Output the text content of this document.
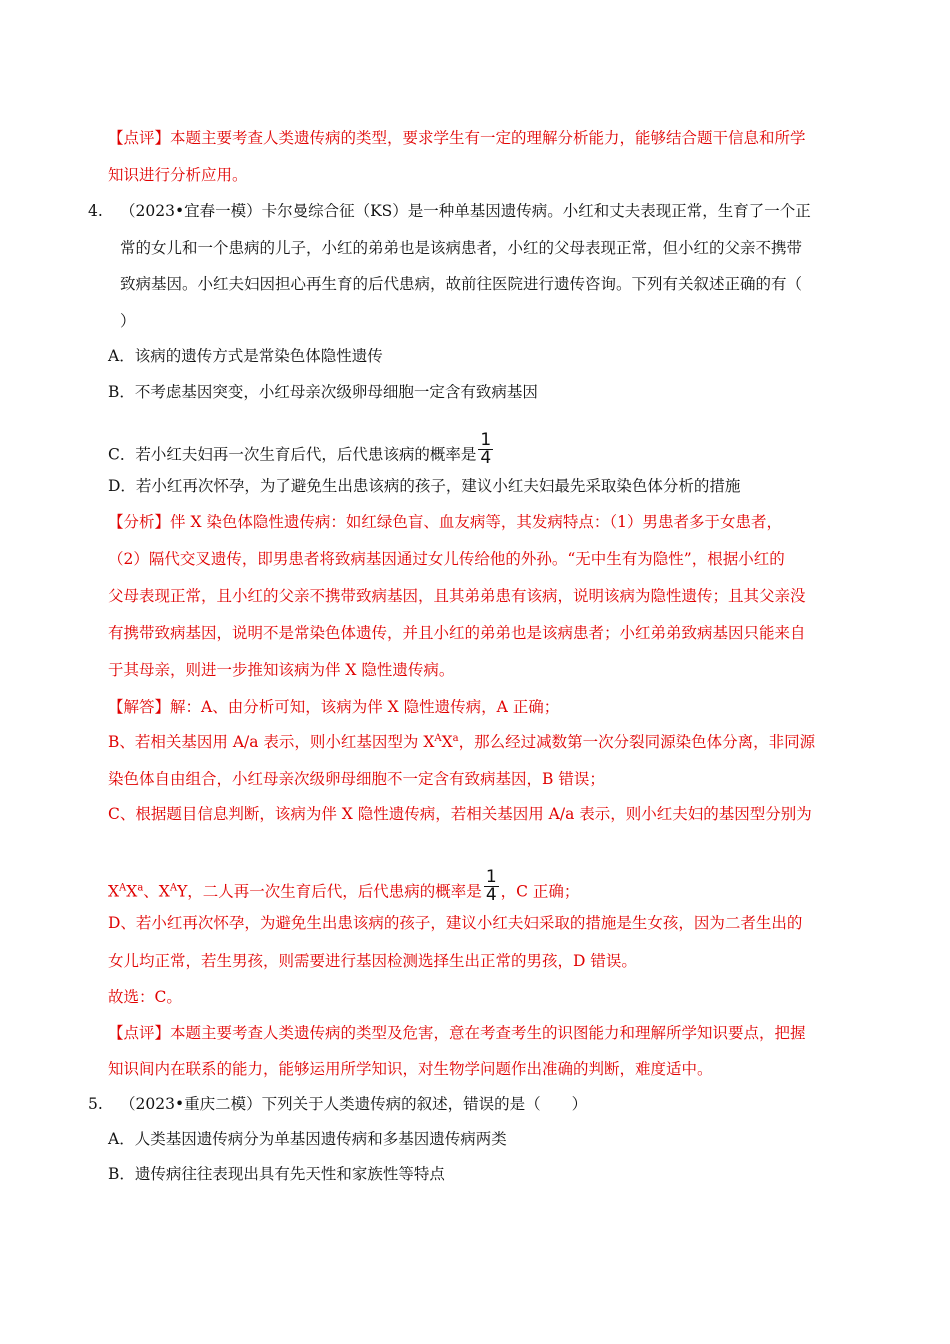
【点评】本题主要考查人类遗传病的类型，要求学生有一定的理解分析能力，能够结合题干信息和所学
知识进行分析应用。
4. （2023•宜春一模）卡尔曼综合征（KS）是一种单基因遗传病。小红和丈夫表现正常，生育了一个正
常的女儿和一个患病的儿子，小红的弟弟也是该病患者，小红的父母表现正常，但小红的父亲不携带
致病基因。小红夫妇因担心再生育的后代患病，故前往医院进行遗传咨询。下列有关叙述正确的有（
）
A．该病的遗传方式是常染色体隐性遗传
B．不考虑基因突变，小红母亲次级卵母细胞一定含有致病基因
C．若小红夫妇再一次生育后代，后代患该病的概率是 $\frac{1}{4}$
D．若小红再次怀孕，为了避免生出患该病的孩子，建议小红夫妇最先采取染色体分析的措施
【分析】伴 X 染色体隐性遗传病：如红绿色盲、血友病等，其发病特点：（1）男患者多于女患者，
（2）隔代交叉遗传，即男患者将致病基因通过女儿传给他的外孙。“无中生有为隐性”，根据小红的
父母表现正常，且小红的父亲不携带致病基因，且其弟弟患有该病，说明该病为隐性遗传；且其父亲没
有携带致病基因，说明不是常染色体遗传，并且小红的弟弟也是该病患者；小红弟弟致病基因只能来自
于其母亲，则进一步推知该病为伴 X 隐性遗传病。
【解答】解：A、由分析可知，该病为伴 X 隐性遗传病，A 正确；
B、若相关基因用 A/a 表示，则小红基因型为 $X^AX^a$，那么经过减数第一次分裂同源染色体分离，非同源
染色体自由组合，小红母亲次级卵母细胞不一定含有致病基因，B 错误；
C、根据题目信息判断，该病为伴 X 隐性遗传病，若相关基因用 A/a 表示，则小红夫妇的基因型分别为
$X^AX^a$、$X^AY$，二人再一次生育后代，后代患病的概率是 $\frac{1}{4}$ ，C 正确；
D、若小红再次怀孕，为避免生出患该病的孩子，建议小红夫妇采取的措施是生女孩，因为二者生出的
女儿均正常，若生男孩，则需要进行基因检测选择生出正常的男孩，D 错误。
故选：C。
【点评】本题主要考查人类遗传病的类型及危害，意在考查考生的识图能力和理解所学知识要点，把握
知识间内在联系的能力，能够运用所学知识，对生物学问题作出准确的判断，难度适中。
5. （2023•重庆二模）下列关于人类遗传病的叙述，错误的是（　　）
A．人类基因遗传病分为单基因遗传病和多基因遗传病两类
B．遗传病往往表现出具有先天性和家族性等特点
